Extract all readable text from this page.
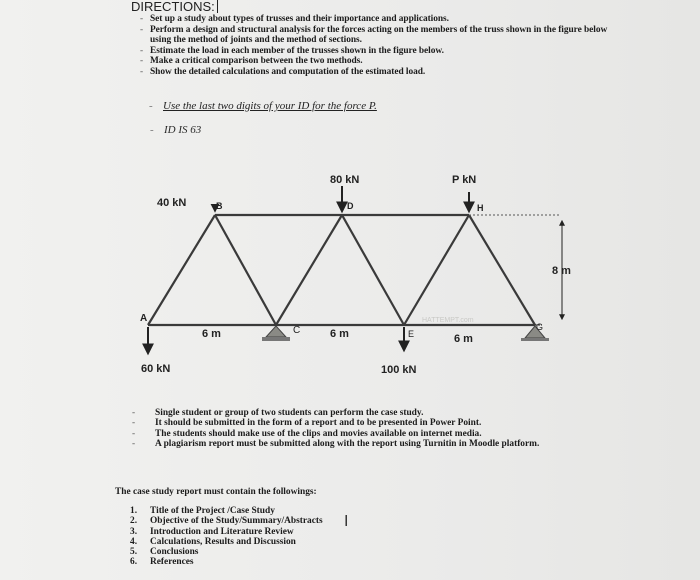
DIRECTIONS:
- Set up a study about types of trusses and their importance and applications.
- Perform a design and structural analysis for the forces acting on the members of the truss shown in the figure below using the method of joints and the method of sections.
- Estimate the load in each member of the trusses shown in the figure below.
- Make a critical comparison between the two methods.
- Show the detailed calculations and computation of the estimated load.
- Use the last two digits of your ID for the force P.
- ID IS 63
A
B
C
D
E
G
H
40 kN
80 kN	P kN
60 kN	100 kN
6 m	6 m	6 m
8 m
HATTEMPT.com
- Single student or group of two students can perform the case study.
- It should be submitted in the form of a report and to be presented in Power Point.
- The students should make use of the clips and movies available on internet media.
- A plagiarism report must be submitted along with the report using Turnitin in Moodle platform.
The case study report must contain the followings:
1.	Title of the Project /Case Study
2.	Objective of the Study/Summary/Abstracts
3.	Introduction and Literature Review
4.	Calculations, Results and Discussion
5.	Conclusions
6.	References
I
